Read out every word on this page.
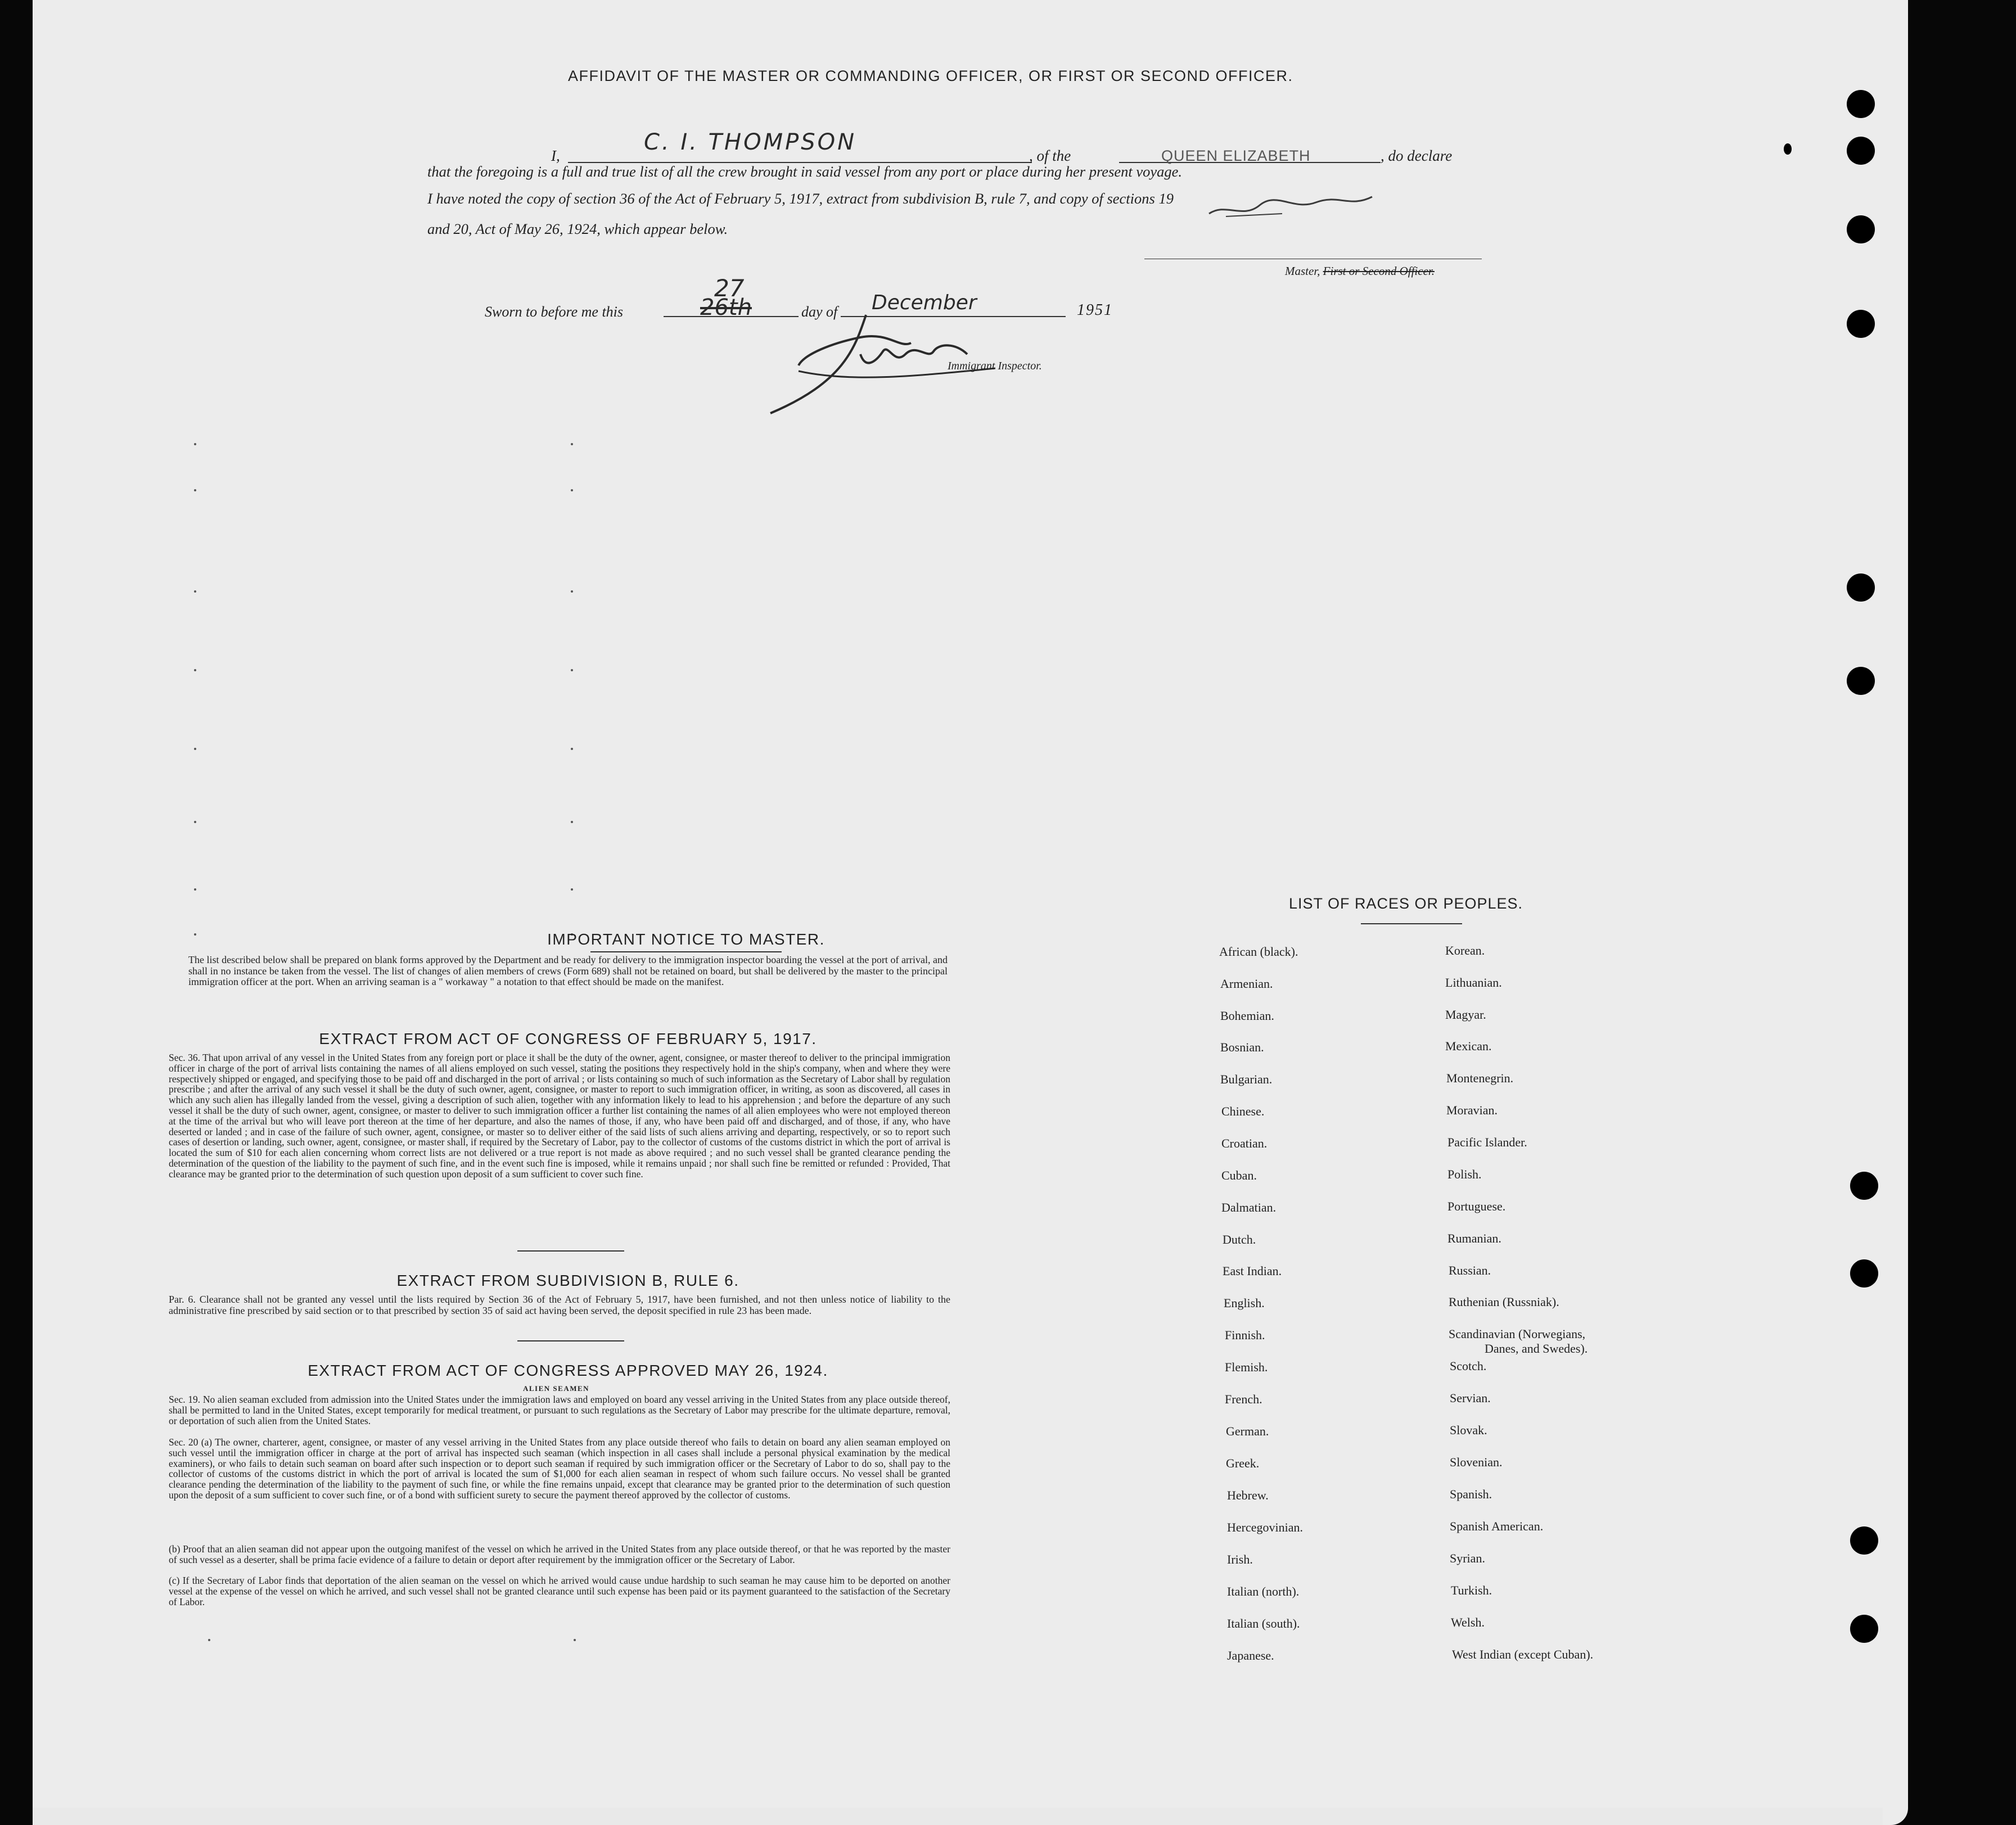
AFFIDAVIT OF THE MASTER OR COMMANDING OFFICER, OR FIRST OR SECOND OFFICER.
I,
C. I. THOMPSON
, of the	QUEEN ELIZABETH	, do declare
that the foregoing is a full and true list of all the crew brought in said vessel from any port or place during her present voyage.
I have noted the copy of section 36 of the Act of February 5, 1917, extract from subdivision B, rule 7, and copy of sections 19
and 20, Act of May 26, 1924, which appear below.
Master, First or Second Officer.
Sworn to before me this
27
26th	day of December	1951
Immigrant Inspector.
IMPORTANT NOTICE TO MASTER.
The list described below shall be prepared on blank forms approved by the Department and be ready for delivery to the immigration inspector boarding the vessel at the port of arrival, and shall in no instance be taken from the vessel. The list of changes of alien members of crews (Form 689) shall not be retained on board, but shall be delivered by the master to the principal immigration officer at the port. When an arriving seaman is a " workaway " a notation to that effect should be made on the manifest.
EXTRACT FROM ACT OF CONGRESS OF FEBRUARY 5, 1917.
Sec. 36. That upon arrival of any vessel in the United States from any foreign port or place it shall be the duty of the owner, agent, consignee, or master thereof to deliver to the principal immigration officer in charge of the port of arrival lists containing the names of all aliens employed on such vessel, stating the positions they respectively hold in the ship's company, when and where they were respectively shipped or engaged, and specifying those to be paid off and discharged in the port of arrival ; or lists containing so much of such information as the Secretary of Labor shall by regulation prescribe ; and after the arrival of any such vessel it shall be the duty of such owner, agent, consignee, or master to report to such immigration officer, in writing, as soon as discovered, all cases in which any such alien has illegally landed from the vessel, giving a description of such alien, together with any information likely to lead to his apprehension ; and before the departure of any such vessel it shall be the duty of such owner, agent, consignee, or master to deliver to such immigration officer a further list containing the names of all alien employees who were not employed thereon at the time of the arrival but who will leave port thereon at the time of her departure, and also the names of those, if any, who have been paid off and discharged, and of those, if any, who have deserted or landed ; and in case of the failure of such owner, agent, consignee, or master so to deliver either of the said lists of such aliens arriving and departing, respectively, or so to report such cases of desertion or landing, such owner, agent, consignee, or master shall, if required by the Secretary of Labor, pay to the collector of customs of the customs district in which the port of arrival is located the sum of $10 for each alien concerning whom correct lists are not delivered or a true report is not made as above required ; and no such vessel shall be granted clearance pending the determination of the question of the liability to the payment of such fine, and in the event such fine is imposed, while it remains unpaid ; nor shall such fine be remitted or refunded : Provided, That clearance may be granted prior to the determination of such question upon deposit of a sum sufficient to cover such fine.
EXTRACT FROM SUBDIVISION B, RULE 6.
Par. 6. Clearance shall not be granted any vessel until the lists required by Section 36 of the Act of February 5, 1917, have been furnished, and not then unless notice of liability to the administrative fine prescribed by said section or to that prescribed by section 35 of said act having been served, the deposit specified in rule 23 has been made.
EXTRACT FROM ACT OF CONGRESS APPROVED MAY 26, 1924.
ALIEN SEAMEN
Sec. 19. No alien seaman excluded from admission into the United States under the immigration laws and employed on board any vessel arriving in the United States from any place outside thereof, shall be permitted to land in the United States, except temporarily for medical treatment, or pursuant to such regulations as the Secretary of Labor may prescribe for the ultimate departure, removal, or deportation of such alien from the United States.
Sec. 20 (a) The owner, charterer, agent, consignee, or master of any vessel arriving in the United States from any place outside thereof who fails to detain on board any alien seaman employed on such vessel until the immigration officer in charge at the port of arrival has inspected such seaman (which inspection in all cases shall include a personal physical examination by the medical examiners), or who fails to detain such seaman on board after such inspection or to deport such seaman if required by such immigration officer or the Secretary of Labor to do so, shall pay to the collector of customs of the customs district in which the port of arrival is located the sum of $1,000 for each alien seaman in respect of whom such failure occurs. No vessel shall be granted clearance pending the determination of the liability to the payment of such fine, or while the fine remains unpaid, except that clearance may be granted prior to the determination of such question upon the deposit of a sum sufficient to cover such fine, or of a bond with sufficient surety to secure the payment thereof approved by the collector of customs.
(b) Proof that an alien seaman did not appear upon the outgoing manifest of the vessel on which he arrived in the United States from any place outside thereof, or that he was reported by the master of such vessel as a deserter, shall be prima facie evidence of a failure to detain or deport after requirement by the immigration officer or the Secretary of Labor.
(c) If the Secretary of Labor finds that deportation of the alien seaman on the vessel on which he arrived would cause undue hardship to such seaman he may cause him to be deported on another vessel at the expense of the vessel on which he arrived, and such vessel shall not be granted clearance until such expense has been paid or its payment guaranteed to the satisfaction of the Secretary of Labor.
LIST OF RACES OR PEOPLES.
African (black).
Armenian.
Bohemian.
Bosnian.
Bulgarian.
Chinese.
Croatian.
Cuban.
Dalmatian.
Dutch.
East Indian.
English.
Finnish.
Flemish.
French.
German.
Greek.
Hebrew.
Hercegovinian.
Irish.
Italian (north).
Italian (south).
Japanese.
Korean.
Lithuanian.
Magyar.
Mexican.
Montenegrin.
Moravian.
Pacific Islander.
Polish.
Portuguese.
Rumanian.
Russian.
Ruthenian (Russniak).
Scandinavian (Norwegians,
Danes, and Swedes).
Scotch.
Servian.
Slovak.
Slovenian.
Spanish.
Spanish American.
Syrian.
Turkish.
Welsh.
West Indian (except Cuban).
